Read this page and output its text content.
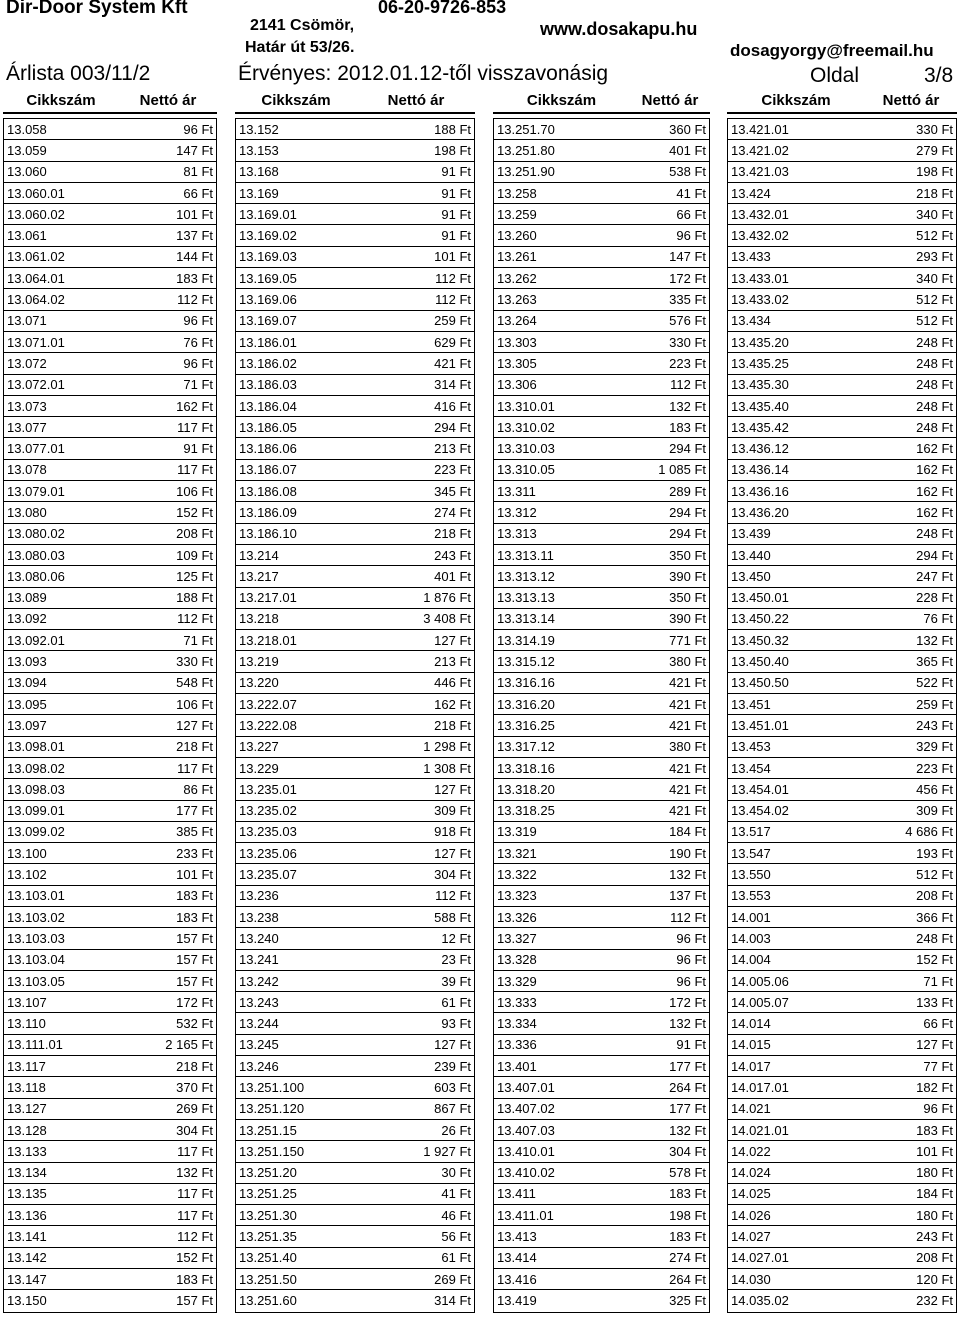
Dir-Door System Kft
2141 Csömör,
Határ út 53/26.
06-20-9726-853
www.dosakapu.hu
dosagyorgy@freemail.hu
Árlista 003/11/2	Érvényes: 2012.01.12-től visszavonásig	Oldal	3/8
Cikkszám	Nettó ár
13.058	96 Ft
13.059	147 Ft
13.060	81 Ft
13.060.01	66 Ft
13.060.02	101 Ft
13.061	137 Ft
13.061.02	144 Ft
13.064.01	183 Ft
13.064.02	112 Ft
13.071	96 Ft
13.071.01	76 Ft
13.072	96 Ft
13.072.01	71 Ft
13.073	162 Ft
13.077	117 Ft
13.077.01	91 Ft
13.078	117 Ft
13.079.01	106 Ft
13.080	152 Ft
13.080.02	208 Ft
13.080.03	109 Ft
13.080.06	125 Ft
13.089	188 Ft
13.092	112 Ft
13.092.01	71 Ft
13.093	330 Ft
13.094	548 Ft
13.095	106 Ft
13.097	127 Ft
13.098.01	218 Ft
13.098.02	117 Ft
13.098.03	86 Ft
13.099.01	177 Ft
13.099.02	385 Ft
13.100	233 Ft
13.102	101 Ft
13.103.01	183 Ft
13.103.02	183 Ft
13.103.03	157 Ft
13.103.04	157 Ft
13.103.05	157 Ft
13.107	172 Ft
13.110	532 Ft
13.111.01	2 165 Ft
13.117	218 Ft
13.118	370 Ft
13.127	269 Ft
13.128	304 Ft
13.133	117 Ft
13.134	132 Ft
13.135	117 Ft
13.136	117 Ft
13.141	112 Ft
13.142	152 Ft
13.147	183 Ft
13.150	157 Ft
Cikkszám	Nettó ár
13.152	188 Ft
13.153	198 Ft
13.168	91 Ft
13.169	91 Ft
13.169.01	91 Ft
13.169.02	91 Ft
13.169.03	101 Ft
13.169.05	112 Ft
13.169.06	112 Ft
13.169.07	259 Ft
13.186.01	629 Ft
13.186.02	421 Ft
13.186.03	314 Ft
13.186.04	416 Ft
13.186.05	294 Ft
13.186.06	213 Ft
13.186.07	223 Ft
13.186.08	345 Ft
13.186.09	274 Ft
13.186.10	218 Ft
13.214	243 Ft
13.217	401 Ft
13.217.01	1 876 Ft
13.218	3 408 Ft
13.218.01	127 Ft
13.219	213 Ft
13.220	446 Ft
13.222.07	162 Ft
13.222.08	218 Ft
13.227	1 298 Ft
13.229	1 308 Ft
13.235.01	127 Ft
13.235.02	309 Ft
13.235.03	918 Ft
13.235.06	127 Ft
13.235.07	304 Ft
13.236	112 Ft
13.238	588 Ft
13.240	12 Ft
13.241	23 Ft
13.242	39 Ft
13.243	61 Ft
13.244	93 Ft
13.245	127 Ft
13.246	239 Ft
13.251.100	603 Ft
13.251.120	867 Ft
13.251.15	26 Ft
13.251.150	1 927 Ft
13.251.20	30 Ft
13.251.25	41 Ft
13.251.30	46 Ft
13.251.35	56 Ft
13.251.40	61 Ft
13.251.50	269 Ft
13.251.60	314 Ft
Cikkszám	Nettó ár
13.251.70	360 Ft
13.251.80	401 Ft
13.251.90	538 Ft
13.258	41 Ft
13.259	66 Ft
13.260	96 Ft
13.261	147 Ft
13.262	172 Ft
13.263	335 Ft
13.264	576 Ft
13.303	330 Ft
13.305	223 Ft
13.306	112 Ft
13.310.01	132 Ft
13.310.02	183 Ft
13.310.03	294 Ft
13.310.05	1 085 Ft
13.311	289 Ft
13.312	294 Ft
13.313	294 Ft
13.313.11	350 Ft
13.313.12	390 Ft
13.313.13	350 Ft
13.313.14	390 Ft
13.314.19	771 Ft
13.315.12	380 Ft
13.316.16	421 Ft
13.316.20	421 Ft
13.316.25	421 Ft
13.317.12	380 Ft
13.318.16	421 Ft
13.318.20	421 Ft
13.318.25	421 Ft
13.319	184 Ft
13.321	190 Ft
13.322	132 Ft
13.323	137 Ft
13.326	112 Ft
13.327	96 Ft
13.328	96 Ft
13.329	96 Ft
13.333	172 Ft
13.334	132 Ft
13.336	91 Ft
13.401	177 Ft
13.407.01	264 Ft
13.407.02	177 Ft
13.407.03	132 Ft
13.410.01	304 Ft
13.410.02	578 Ft
13.411	183 Ft
13.411.01	198 Ft
13.413	183 Ft
13.414	274 Ft
13.416	264 Ft
13.419	325 Ft
Cikkszám	Nettó ár
13.421.01	330 Ft
13.421.02	279 Ft
13.421.03	198 Ft
13.424	218 Ft
13.432.01	340 Ft
13.432.02	512 Ft
13.433	293 Ft
13.433.01	340 Ft
13.433.02	512 Ft
13.434	512 Ft
13.435.20	248 Ft
13.435.25	248 Ft
13.435.30	248 Ft
13.435.40	248 Ft
13.435.42	248 Ft
13.436.12	162 Ft
13.436.14	162 Ft
13.436.16	162 Ft
13.436.20	162 Ft
13.439	248 Ft
13.440	294 Ft
13.450	247 Ft
13.450.01	228 Ft
13.450.22	76 Ft
13.450.32	132 Ft
13.450.40	365 Ft
13.450.50	522 Ft
13.451	259 Ft
13.451.01	243 Ft
13.453	329 Ft
13.454	223 Ft
13.454.01	456 Ft
13.454.02	309 Ft
13.517	4 686 Ft
13.547	193 Ft
13.550	512 Ft
13.553	208 Ft
14.001	366 Ft
14.003	248 Ft
14.004	152 Ft
14.005.06	71 Ft
14.005.07	133 Ft
14.014	66 Ft
14.015	127 Ft
14.017	77 Ft
14.017.01	182 Ft
14.021	96 Ft
14.021.01	183 Ft
14.022	101 Ft
14.024	180 Ft
14.025	184 Ft
14.026	180 Ft
14.027	243 Ft
14.027.01	208 Ft
14.030	120 Ft
14.035.02	232 Ft
